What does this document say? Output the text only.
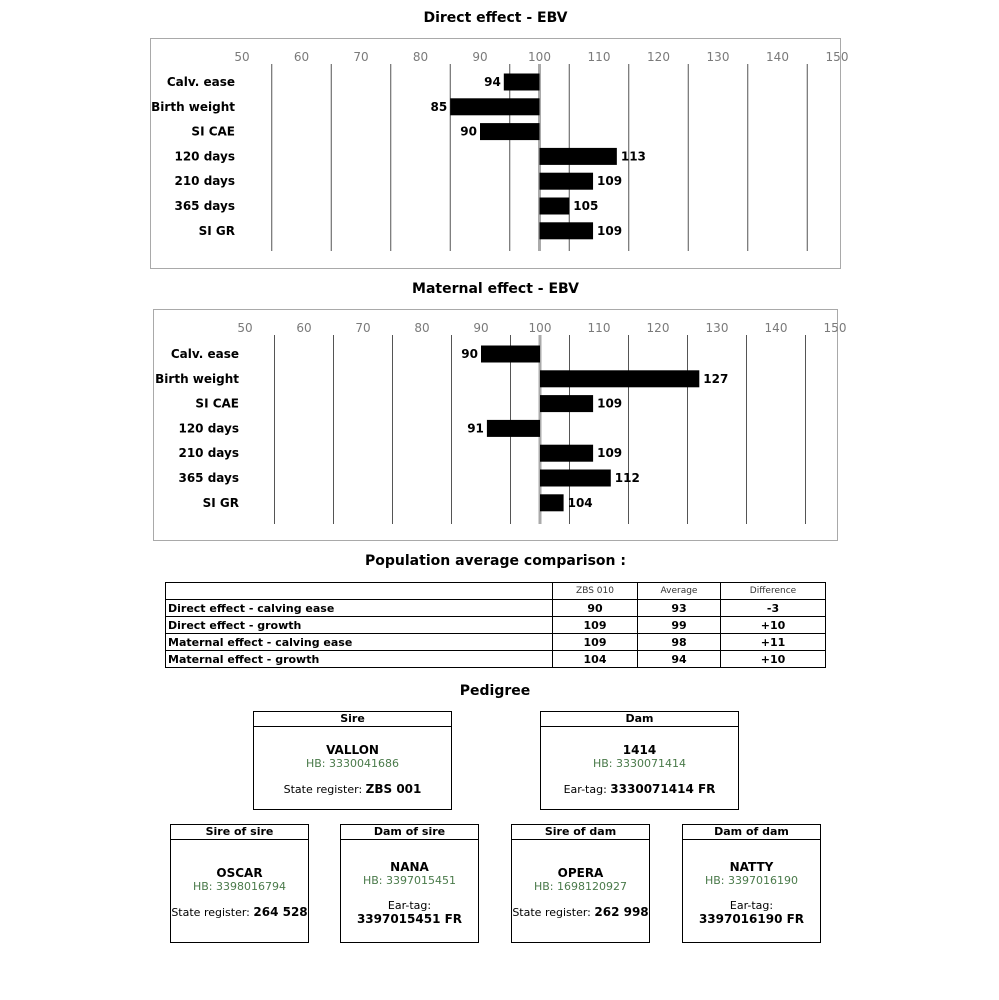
Direct effect - EBV
50	60	70	80	90	100	110	120	130	140	150
Calv. ease	94
Birth weight	85
SI CAE	90
120 days	113
210 days	109
365 days	105
SI GR	109
Maternal effect - EBV
50	60	70	80	90	100	110	120	130	140	150
Calv. ease	90
Birth weight	127
SI CAE	109
120 days	91
210 days	109
365 days	112
SI GR	104
Population average comparison :
	ZBS 010	Average	Difference
Direct effect - calving ease	90	93	-3
Direct effect - growth	109	99	+10
Maternal effect - calving ease	109	98	+11
Maternal effect - growth	104	94	+10
Pedigree
Sire
VALLON
HB: 3330041686
State register: ZBS 001
Dam
1414
HB: 3330071414
Ear-tag: 3330071414 FR
Sire of sire
OSCAR
HB: 3398016794
State register: 264 528
Dam of sire
NANA
HB: 3397015451
Ear-tag: 3397015451 FR
Sire of dam
OPERA
HB: 1698120927
State register: 262 998
Dam of dam
NATTY
HB: 3397016190
Ear-tag: 3397016190 FR
